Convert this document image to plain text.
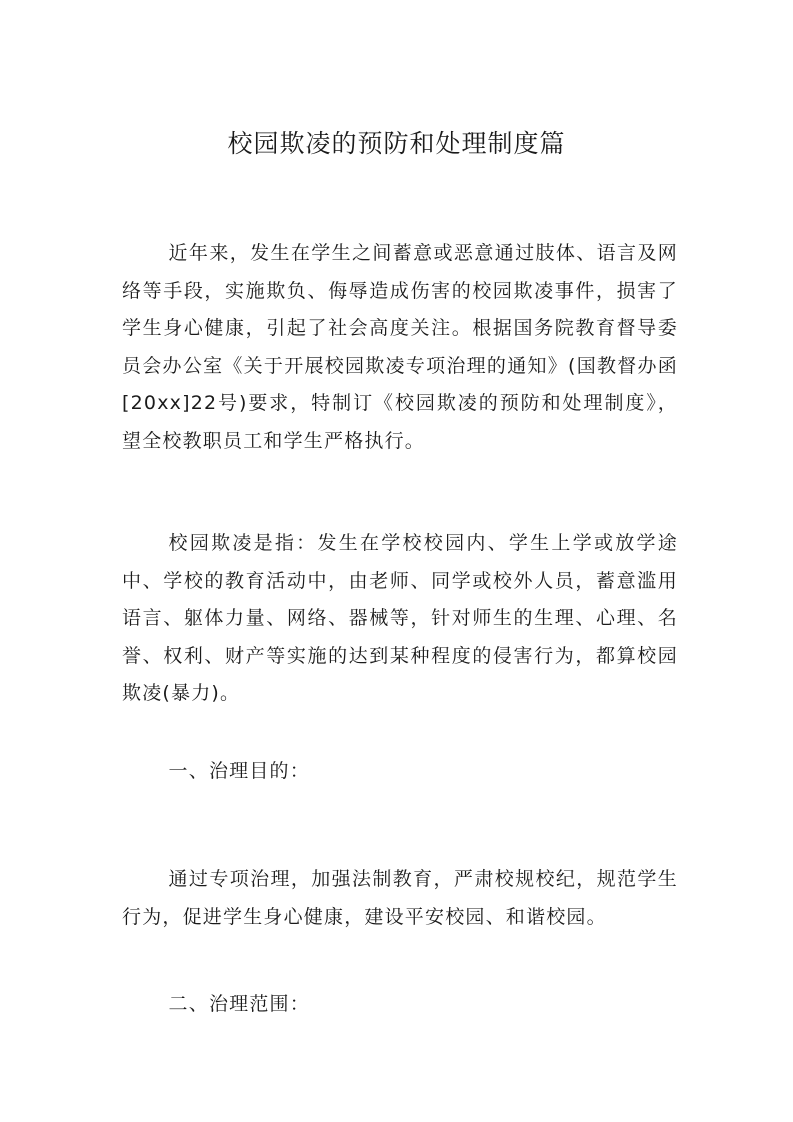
校园欺凌的预防和处理制度篇

近年来，发生在学生之间蓄意或恶意通过肢体、语言及网络等手段，实施欺负、侮辱造成伤害的校园欺凌事件，损害了学生身心健康，引起了社会高度关注。根据国务院教育督导委员会办公室《关于开展校园欺凌专项治理的通知》(国教督办函[20xx]22号)要求，特制订《校园欺凌的预防和处理制度》，望全校教职员工和学生严格执行。

校园欺凌是指：发生在学校校园内、学生上学或放学途中、学校的教育活动中，由老师、同学或校外人员，蓄意滥用语言、躯体力量、网络、器械等，针对师生的生理、心理、名誉、权利、财产等实施的达到某种程度的侵害行为，都算校园欺凌(暴力)。

一、治理目的：

通过专项治理，加强法制教育，严肃校规校纪，规范学生行为，促进学生身心健康，建设平安校园、和谐校园。

二、治理范围：
